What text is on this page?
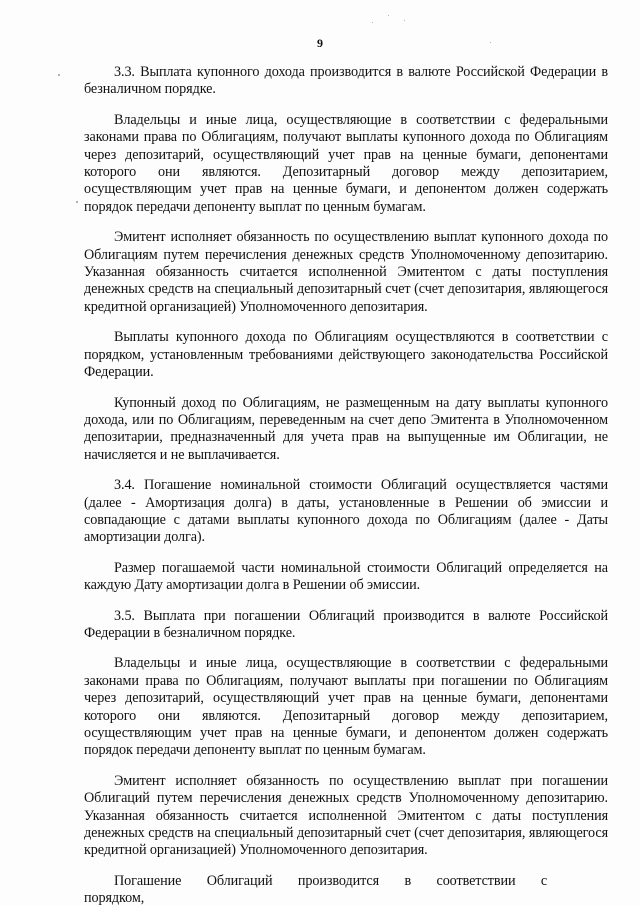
9

3.3. Выплата купонного дохода производится в валюте Российской Федерации в безналичном порядке.

Владельцы и иные лица, осуществляющие в соответствии с федеральными законами права по Облигациям, получают выплаты купонного дохода по Облигациям через депозитарий, осуществляющий учет прав на ценные бумаги, депонентами которого они являются. Депозитарный договор между депозитарием, осуществляющим учет прав на ценные бумаги, и депонентом должен содержать порядок передачи депоненту выплат по ценным бумагам.

Эмитент исполняет обязанность по осуществлению выплат купонного дохода по Облигациям путем перечисления денежных средств Уполномоченному депозитарию. Указанная обязанность считается исполненной Эмитентом с даты поступления денежных средств на специальный депозитарный счет (счет депозитария, являющегося кредитной организацией) Уполномоченного депозитария.

Выплаты купонного дохода по Облигациям осуществляются в соответствии с порядком, установленным требованиями действующего законодательства Российской Федерации.

Купонный доход по Облигациям, не размещенным на дату выплаты купонного дохода, или по Облигациям, переведенным на счет депо Эмитента в Уполномоченном депозитарии, предназначенный для учета прав на выпущенные им Облигации, не начисляется и не выплачивается.

3.4. Погашение номинальной стоимости Облигаций осуществляется частями (далее - Амортизация долга) в даты, установленные в Решении об эмиссии и совпадающие с датами выплаты купонного дохода по Облигациям (далее - Даты амортизации долга).

Размер погашаемой части номинальной стоимости Облигаций определяется на каждую Дату амортизации долга в Решении об эмиссии.

3.5. Выплата при погашении Облигаций производится в валюте Российской Федерации в безналичном порядке.

Владельцы и иные лица, осуществляющие в соответствии с федеральными законами права по Облигациям, получают выплаты при погашении по Облигациям через депозитарий, осуществляющий учет прав на ценные бумаги, депонентами которого они являются. Депозитарный договор между депозитарием, осуществляющим учет прав на ценные бумаги, и депонентом должен содержать порядок передачи депоненту выплат по ценным бумагам.

Эмитент исполняет обязанность по осуществлению выплат при погашении Облигаций путем перечисления денежных средств Уполномоченному депозитарию. Указанная обязанность считается исполненной Эмитентом с даты поступления денежных средств на специальный депозитарный счет (счет депозитария, являющегося кредитной организацией) Уполномоченного депозитария.

Погашение Облигаций производится в соответствии с порядком,
